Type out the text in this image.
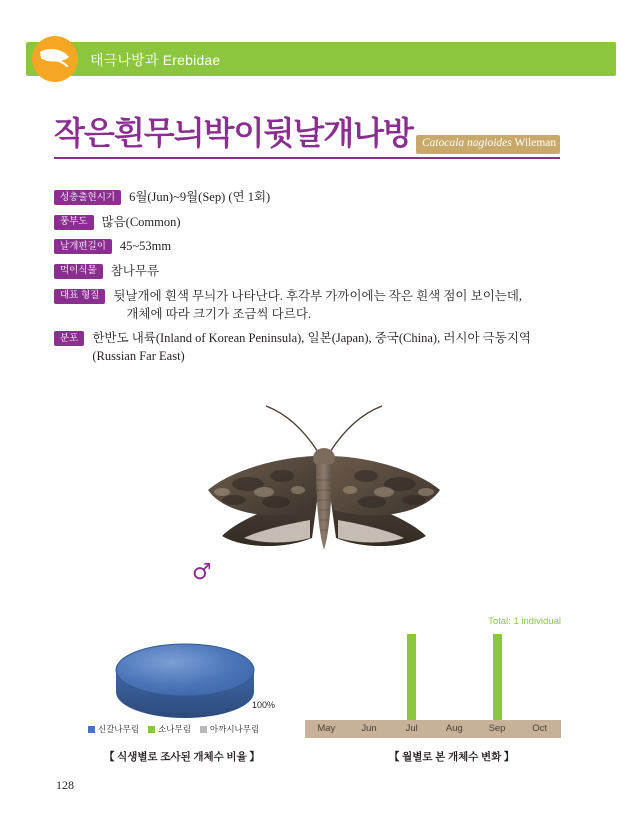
태극나방과 Erebidae
작은흰무늬박이뒷날개나방 Catocala nagioides Wileman
성충출현시기	6월(Jun)~9월(Sep) (연 1회)
풍부도	많음(Common)
날개편길이	45~53mm
먹이식물	참나무류
대표 형질	뒷날개에 흰색 무늬가 나타난다. 후각부 가까이에는 작은 흰색 점이 보이는데,
개체에 따라 크기가 조금씩 다르다.
분포	한반도 내륙(Inland of Korean Peninsula), 일본(Japan), 중국(China), 러시아 극동지역
(Russian Far East)
♂
100%
신갈나무림 소나무림 아까시나무림
【 식생별로 조사된 개체수 비율 】
Total: 1 individual
May	Jun	Jul	Aug	Sep	Oct
【 월별로 본 개체수 변화 】
128
